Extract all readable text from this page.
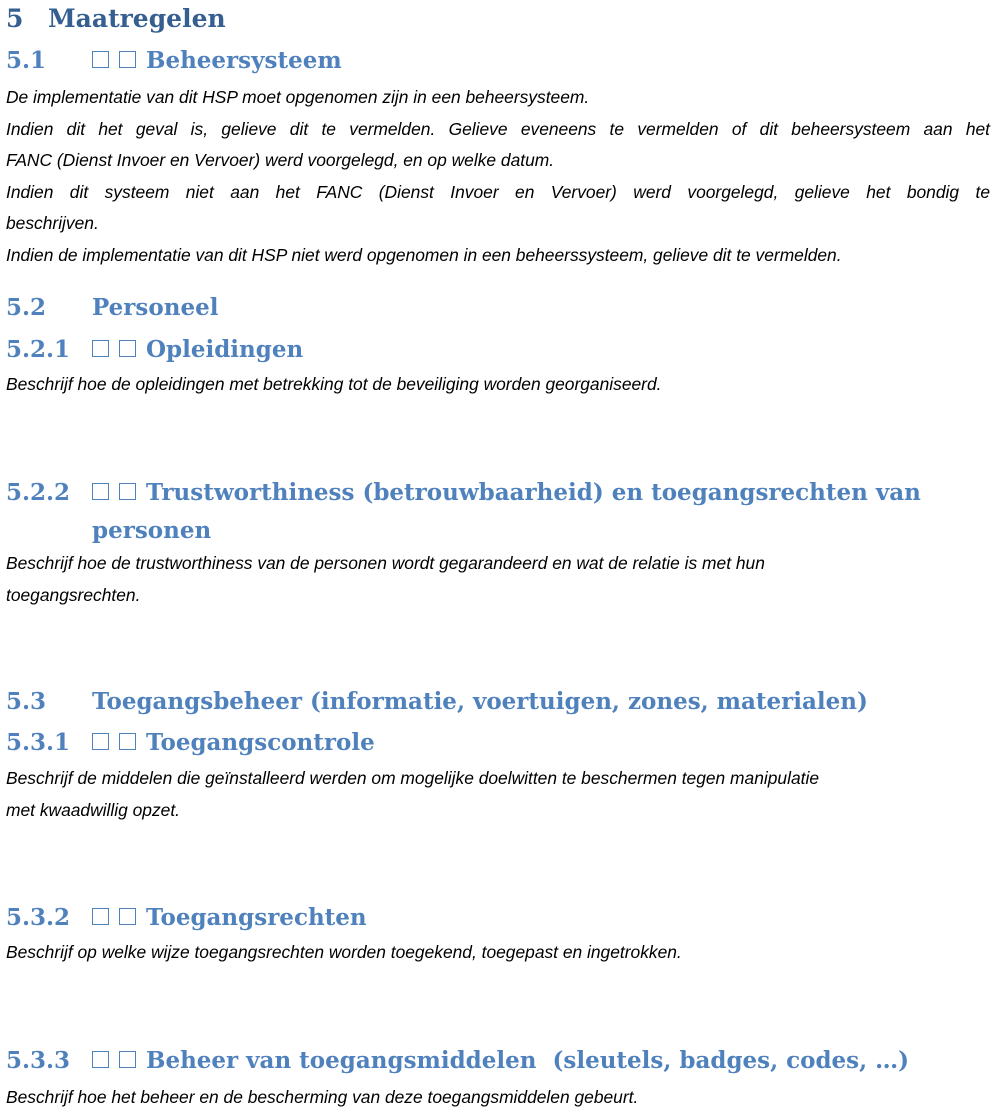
5 Maatregelen
5.1	Beheersysteem
De implementatie van dit HSP moet opgenomen zijn in een beheersysteem.
Indien dit het geval is, gelieve dit te vermelden. Gelieve eveneens te vermelden of dit beheersysteem aan het
FANC (Dienst Invoer en Vervoer) werd voorgelegd, en op welke datum.
Indien dit systeem niet aan het FANC (Dienst Invoer en Vervoer) werd voorgelegd, gelieve het bondig te
beschrijven.
Indien de implementatie van dit HSP niet werd opgenomen in een beheerssysteem, gelieve dit te vermelden.
5.2 Personeel
5.2.1	Opleidingen
Beschrijf hoe de opleidingen met betrekking tot de beveiliging worden georganiseerd.
5.2.2	Trustworthiness (betrouwbaarheid) en toegangsrechten van
personen
Beschrijf hoe de trustworthiness van de personen wordt gegarandeerd en wat de relatie is met hun
toegangsrechten.
5.3 Toegangsbeheer (informatie, voertuigen, zones, materialen)
5.3.1	Toegangscontrole
Beschrijf de middelen die geïnstalleerd werden om mogelijke doelwitten te beschermen tegen manipulatie
met kwaadwillig opzet.
5.3.2	Toegangsrechten
Beschrijf op welke wijze toegangsrechten worden toegekend, toegepast en ingetrokken.
5.3.3	Beheer van toegangsmiddelen  (sleutels, badges, codes, …)
Beschrijf hoe het beheer en de bescherming van deze toegangsmiddelen gebeurt.
